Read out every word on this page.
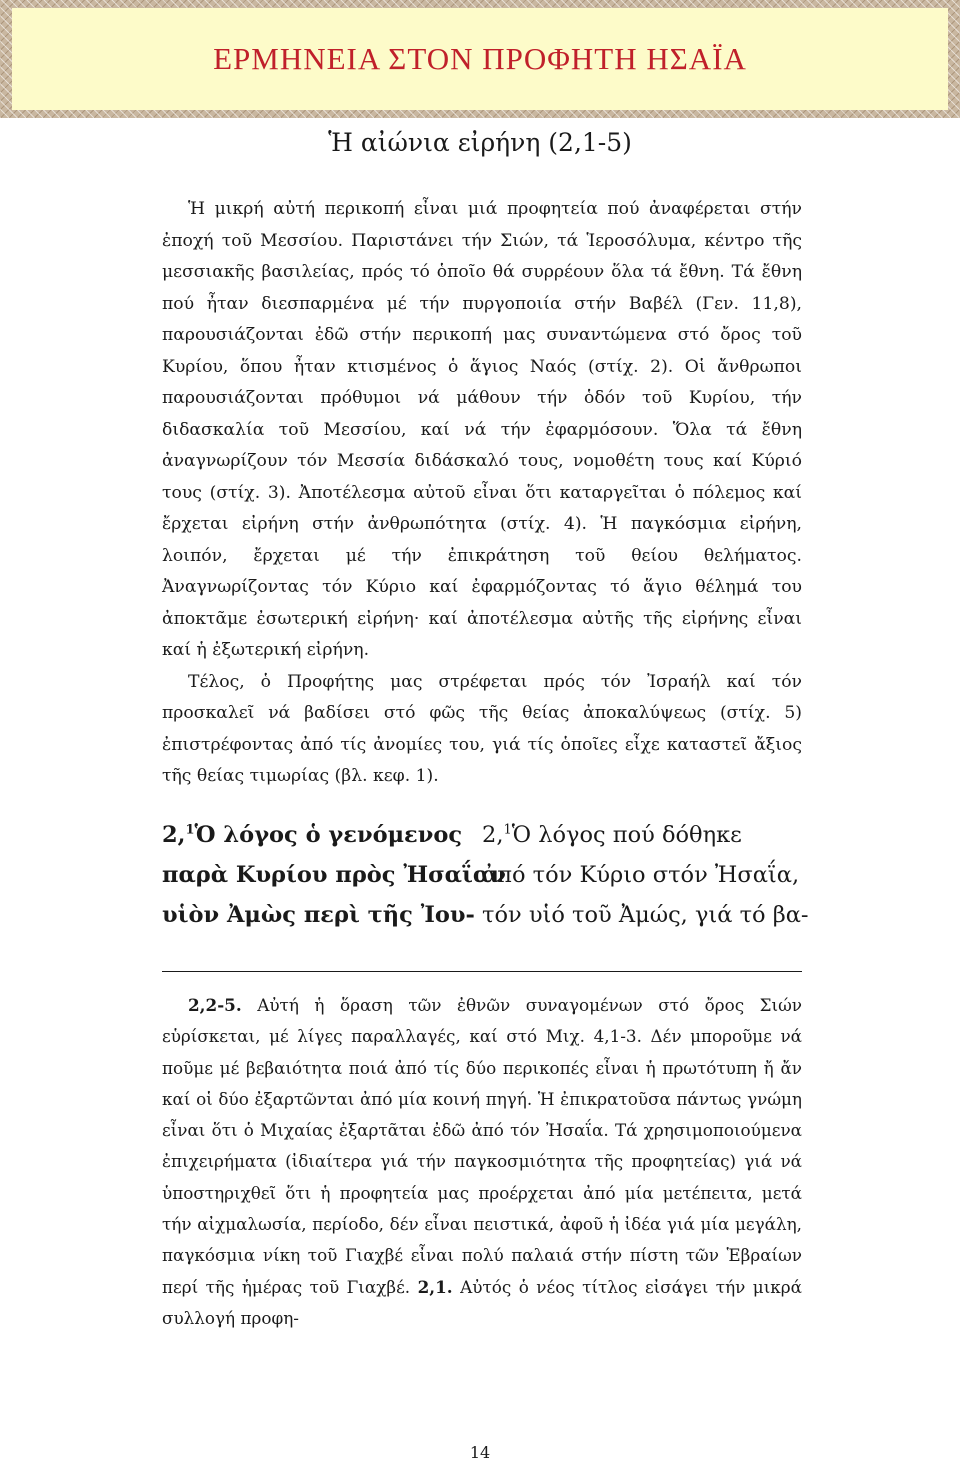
ΕΡΜΗΝΕΙΑ ΣΤΟΝ ΠΡΟΦΗΤΗ ΗΣΑΪΑ
Ἡ αἰώνια εἰρήνη (2,1-5)

Ἡ μικρή αὐτή περικοπή εἶναι μιά προφητεία πού ἀναφέρεται στήν ἐποχή τοῦ Μεσσίου. Παριστάνει τήν Σιών, τά Ἱεροσόλυμα, κέντρο τῆς μεσσιακῆς βασιλείας, πρός τό ὁποῖο θά συρρέουν ὅλα τά ἔθνη. Τά ἔθνη πού ἦταν διεσπαρμένα μέ τήν πυργοποιία στήν Βαβέλ (Γεν. 11,8), παρουσιάζονται ἐδῶ στήν περικοπή μας συναντώμενα στό ὄρος τοῦ Κυρίου, ὅπου ἦταν κτισμένος ὁ ἅγιος Ναός (στίχ. 2). Οἱ ἄνθρωποι παρουσιάζονται πρόθυμοι νά μάθουν τήν ὁδόν τοῦ Κυρίου, τήν διδασκαλία τοῦ Μεσσίου, καί νά τήν ἐφαρμόσουν. Ὅλα τά ἔθνη ἀναγνωρίζουν τόν Μεσσία διδάσκαλό τους, νομοθέτη τους καί Κύριό τους (στίχ. 3). Ἀποτέλεσμα αὐτοῦ εἶναι ὅτι καταργεῖται ὁ πόλεμος καί ἔρχεται εἰρήνη στήν ἀνθρωπότητα (στίχ. 4). Ἡ παγκόσμια εἰρήνη, λοιπόν, ἔρχεται μέ τήν ἐπικράτηση τοῦ θείου θελήματος. Ἀναγνωρίζοντας τόν Κύριο καί ἐφαρμόζοντας τό ἅγιο θέλημά του ἀποκτᾶμε ἐσωτερική εἰρήνη· καί ἀποτέλεσμα αὐτῆς τῆς εἰρήνης εἶναι καί ἡ ἐξωτερική εἰρήνη.

Τέλος, ὁ Προφήτης μας στρέφεται πρός τόν Ἰσραήλ καί τόν προσκαλεῖ νά βαδίσει στό φῶς τῆς θείας ἀποκαλύψεως (στίχ. 5) ἐπιστρέφοντας ἀπό τίς ἀνομίες του, γιά τίς ὁποῖες εἶχε καταστεῖ ἄξιος τῆς θείας τιμωρίας (βλ. κεφ. 1).

2,$^1$Ὁ λόγος ὁ γενόμενος
παρὰ Κυρίου πρὸς Ἠσαΐαν
υἱὸν Ἀμὼς περὶ τῆς Ἰου-
2,$^1$Ὁ λόγος πού δόθηκε
ἀπό τόν Κύριο στόν Ἠσαΐα,
τόν υἱό τοῦ Ἀμώς, γιά τό βα-

2,2-5. Αὐτή ἡ ὅραση τῶν ἐθνῶν συναγομένων στό ὄρος Σιών εὑρίσκεται, μέ λίγες παραλλαγές, καί στό Μιχ. 4,1-3. Δέν μποροῦμε νά ποῦμε μέ βεβαιότητα ποιά ἀπό τίς δύο περικοπές εἶναι ἡ πρωτότυπη ἤ ἄν καί οἱ δύο ἐξαρτῶνται ἀπό μία κοινή πηγή. Ἡ ἐπικρατοῦσα πάντως γνώμη εἶναι ὅτι ὁ Μιχαίας ἐξαρτᾶται ἐδῶ ἀπό τόν Ἠσαΐα. Τά χρησιμοποιούμενα ἐπιχειρήματα (ἰδιαίτερα γιά τήν παγκοσμιότητα τῆς προφητείας) γιά νά ὑποστηριχθεῖ ὅτι ἡ προφητεία μας προέρχεται ἀπό μία μετέπειτα, μετά τήν αἰχμαλωσία, περίοδο, δέν εἶναι πειστικά, ἀφοῦ ἡ ἰδέα γιά μία μεγάλη, παγκόσμια νίκη τοῦ Γιαχβέ εἶναι πολύ παλαιά στήν πίστη τῶν Ἑβραίων περί τῆς ἡμέρας τοῦ Γιαχβέ. 2,1. Αὐτός ὁ νέος τίτλος εἰσάγει τήν μικρά συλλογή προφη-

14
